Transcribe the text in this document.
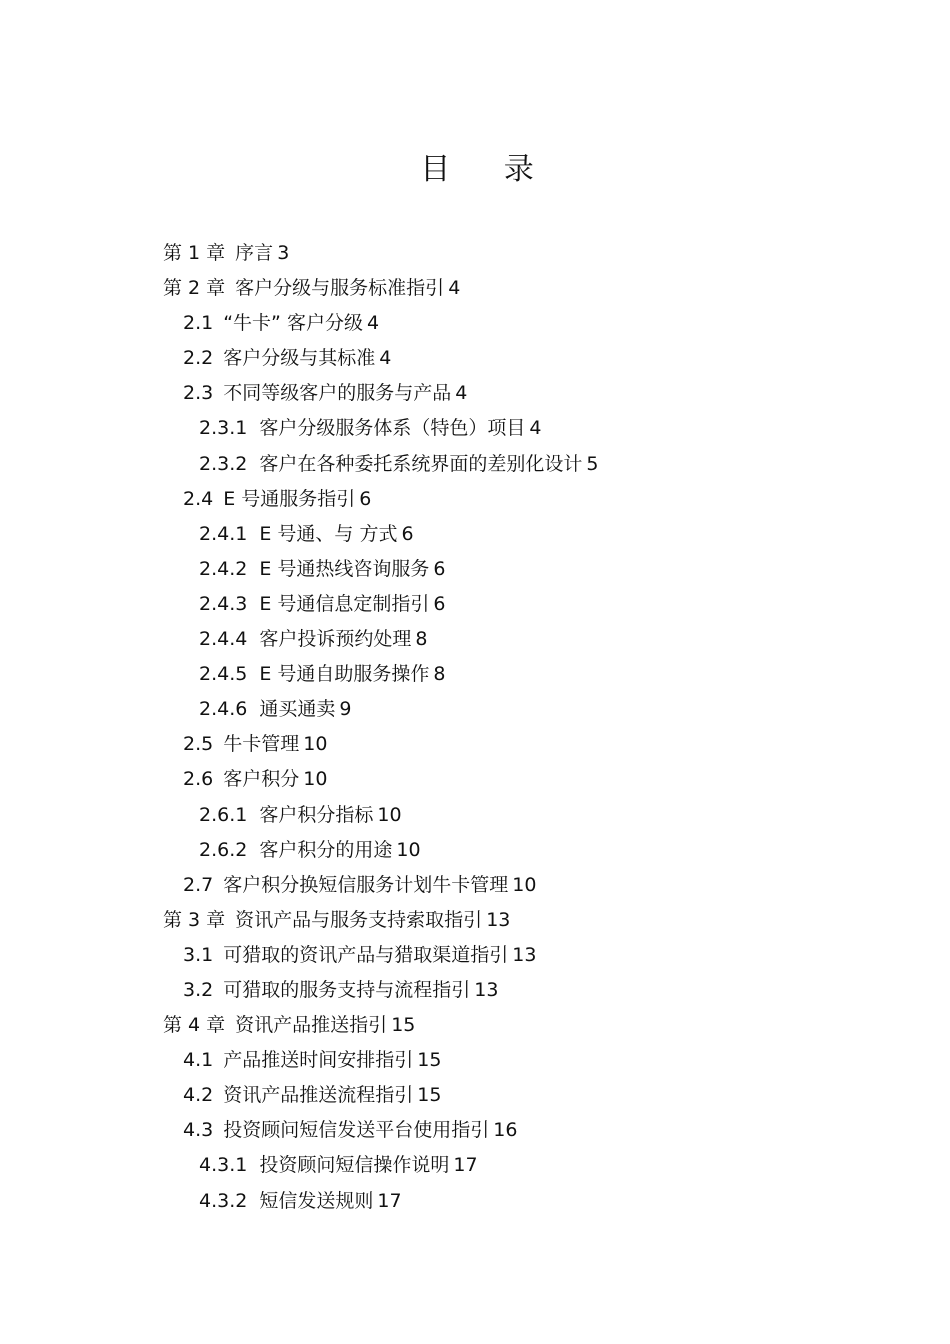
目 录
第 1 章 序言 3
第 2 章 客户分级与服务标准指引 4
2.1 “牛卡” 客户分级 4
2.2 客户分级与其标准 4
2.3 不同等级客户的服务与产品 4
2.3.1 客户分级服务体系（特色）项目 4
2.3.2 客户在各种委托系统界面的差别化设计 5
2.4 E 号通服务指引 6
2.4.1 E 号通、与 方式 6
2.4.2 E 号通热线咨询服务 6
2.4.3 E 号通信息定制指引 6
2.4.4 客户投诉预约处理 8
2.4.5 E 号通自助服务操作 8
2.4.6 通买通卖 9
2.5 牛卡管理 10
2.6 客户积分 10
2.6.1 客户积分指标 10
2.6.2 客户积分的用途 10
2.7 客户积分换短信服务计划牛卡管理 10
第 3 章 资讯产品与服务支持索取指引 13
3.1 可猎取的资讯产品与猎取渠道指引 13
3.2 可猎取的服务支持与流程指引 13
第 4 章 资讯产品推送指引 15
4.1 产品推送时间安排指引 15
4.2 资讯产品推送流程指引 15
4.3 投资顾问短信发送平台使用指引 16
4.3.1 投资顾问短信操作说明 17
4.3.2 短信发送规则 17
